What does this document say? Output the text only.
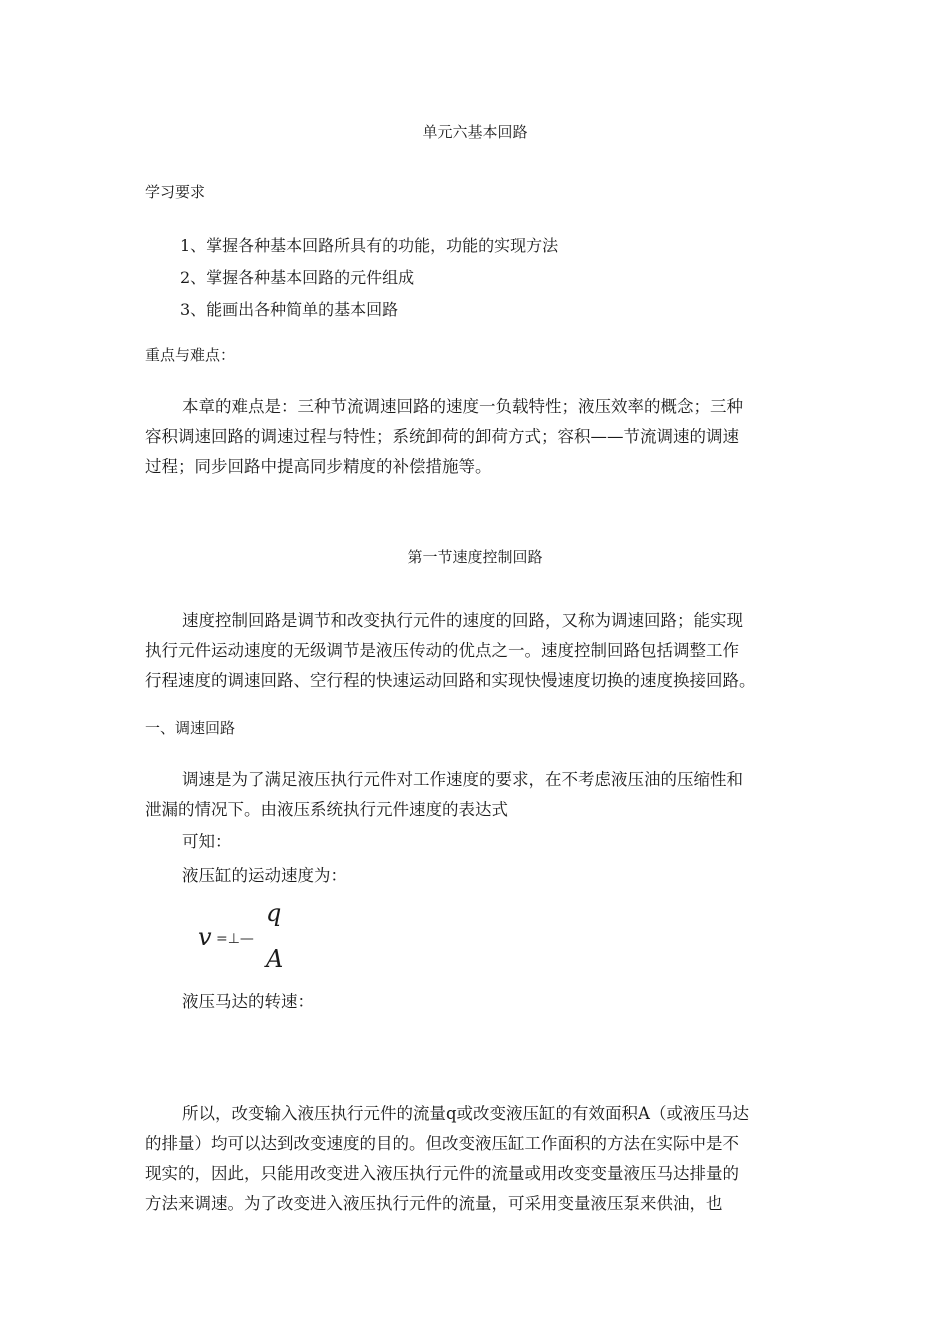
单元六基本回路
学习要求
1、掌握各种基本回路所具有的功能，功能的实现方法
2、掌握各种基本回路的元件组成
3、能画出各种简单的基本回路
重点与难点：
本章的难点是：三种节流调速回路的速度一负载特性；液压效率的概念；三种
容积调速回路的调速过程与特性；系统卸荷的卸荷方式；容积——节流调速的调速
过程；同步回路中提高同步精度的补偿措施等。
第一节速度控制回路
速度控制回路是调节和改变执行元件的速度的回路，又称为调速回路；能实现
执行元件运动速度的无级调节是液压传动的优点之一。速度控制回路包括调整工作
行程速度的调速回路、空行程的快速运动回路和实现快慢速度切换的速度换接回路。
一、调速回路
调速是为了满足液压执行元件对工作速度的要求，在不考虑液压油的压缩性和
泄漏的情况下。由液压系统执行元件速度的表达式
可知：
液压缸的运动速度为：
v =⊥—
q
A
液压马达的转速：
所以，改变输入液压执行元件的流量q或改变液压缸的有效面积A（或液压马达
的排量）均可以达到改变速度的目的。但改变液压缸工作面积的方法在实际中是不
现实的，因此，只能用改变进入液压执行元件的流量或用改变变量液压马达排量的
方法来调速。为了改变进入液压执行元件的流量，可采用变量液压泵来供油，也
